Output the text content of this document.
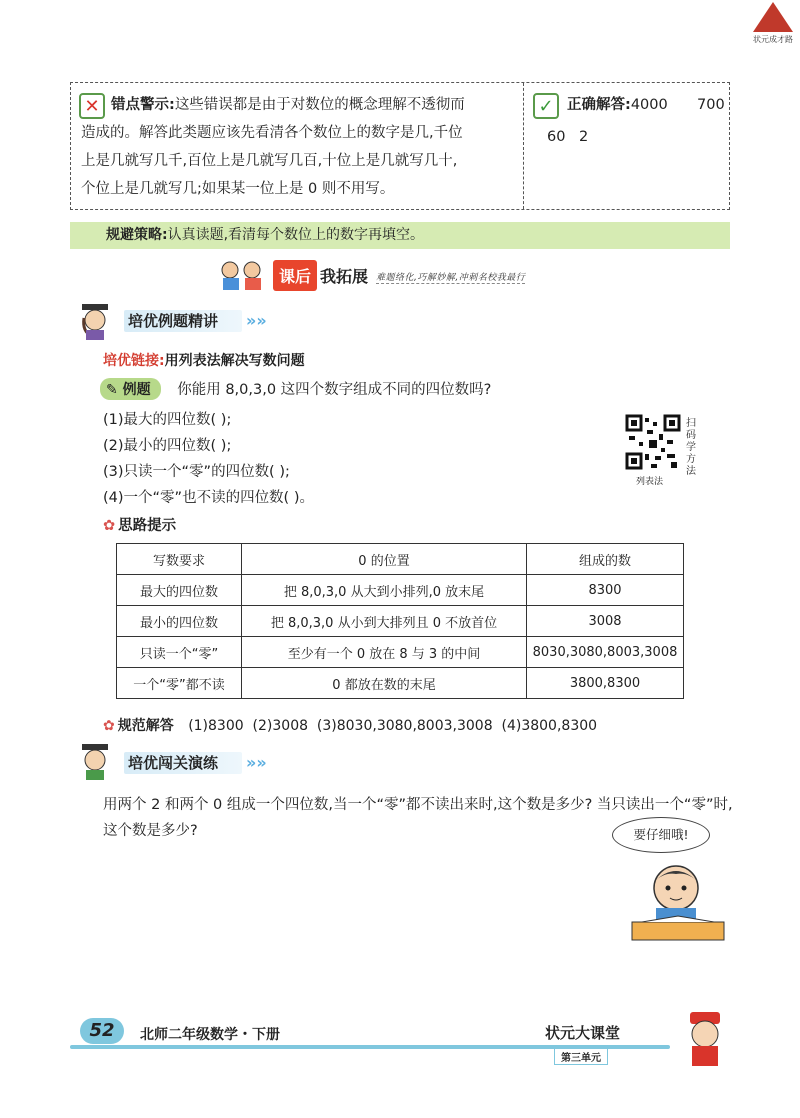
状元成才路
✕ 错点警示:这些错误都是由于对数位的概念理解不透彻而
造成的。解答此类题应该先看清各个数位上的数字是几,千位
上是几就写几千,百位上是几就写几百,十位上是几就写几十,
个位上是几就写几;如果某一位上是 0 则不用写。
✓ 正确解答:4000 700
60 2
规避策略:认真读题,看清每个数位上的数字再填空。
课后 我拓展 难题络化,巧解妙解,冲刺名校我最行
培优例题精讲 »»
培优链接:用列表法解决写数问题
✎ 例题 你能用 8,0,3,0 这四个数字组成不同的四位数吗?
(1)最大的四位数( );
(2)最小的四位数( );
(3)只读一个“零”的四位数( );
(4)一个“零”也不读的四位数( )。
扫码学方法
列表法
✿ 思路提示
写数要求	0 的位置	组成的数
最大的四位数	把 8,0,3,0 从大到小排列,0 放末尾	8300
最小的四位数	把 8,0,3,0 从小到大排列且 0 不放首位	3008
只读一个“零”	至少有一个 0 放在 8 与 3 的中间	8030,3080,8003,3008
一个“零”都不读	0 都放在数的末尾	3800,8300
✿ 规范解答 (1)8300  (2)3008  (3)8030,3080,8003,3008  (4)3800,8300
培优闯关演练 »»
用两个 2 和两个 0 组成一个四位数,当一个“零”都不读出来时,这个数是多少? 当只读出一个“零”时,这个数是多少?	要仔细哦!
52	北师二年级数学・下册	状元大课堂
第三单元
